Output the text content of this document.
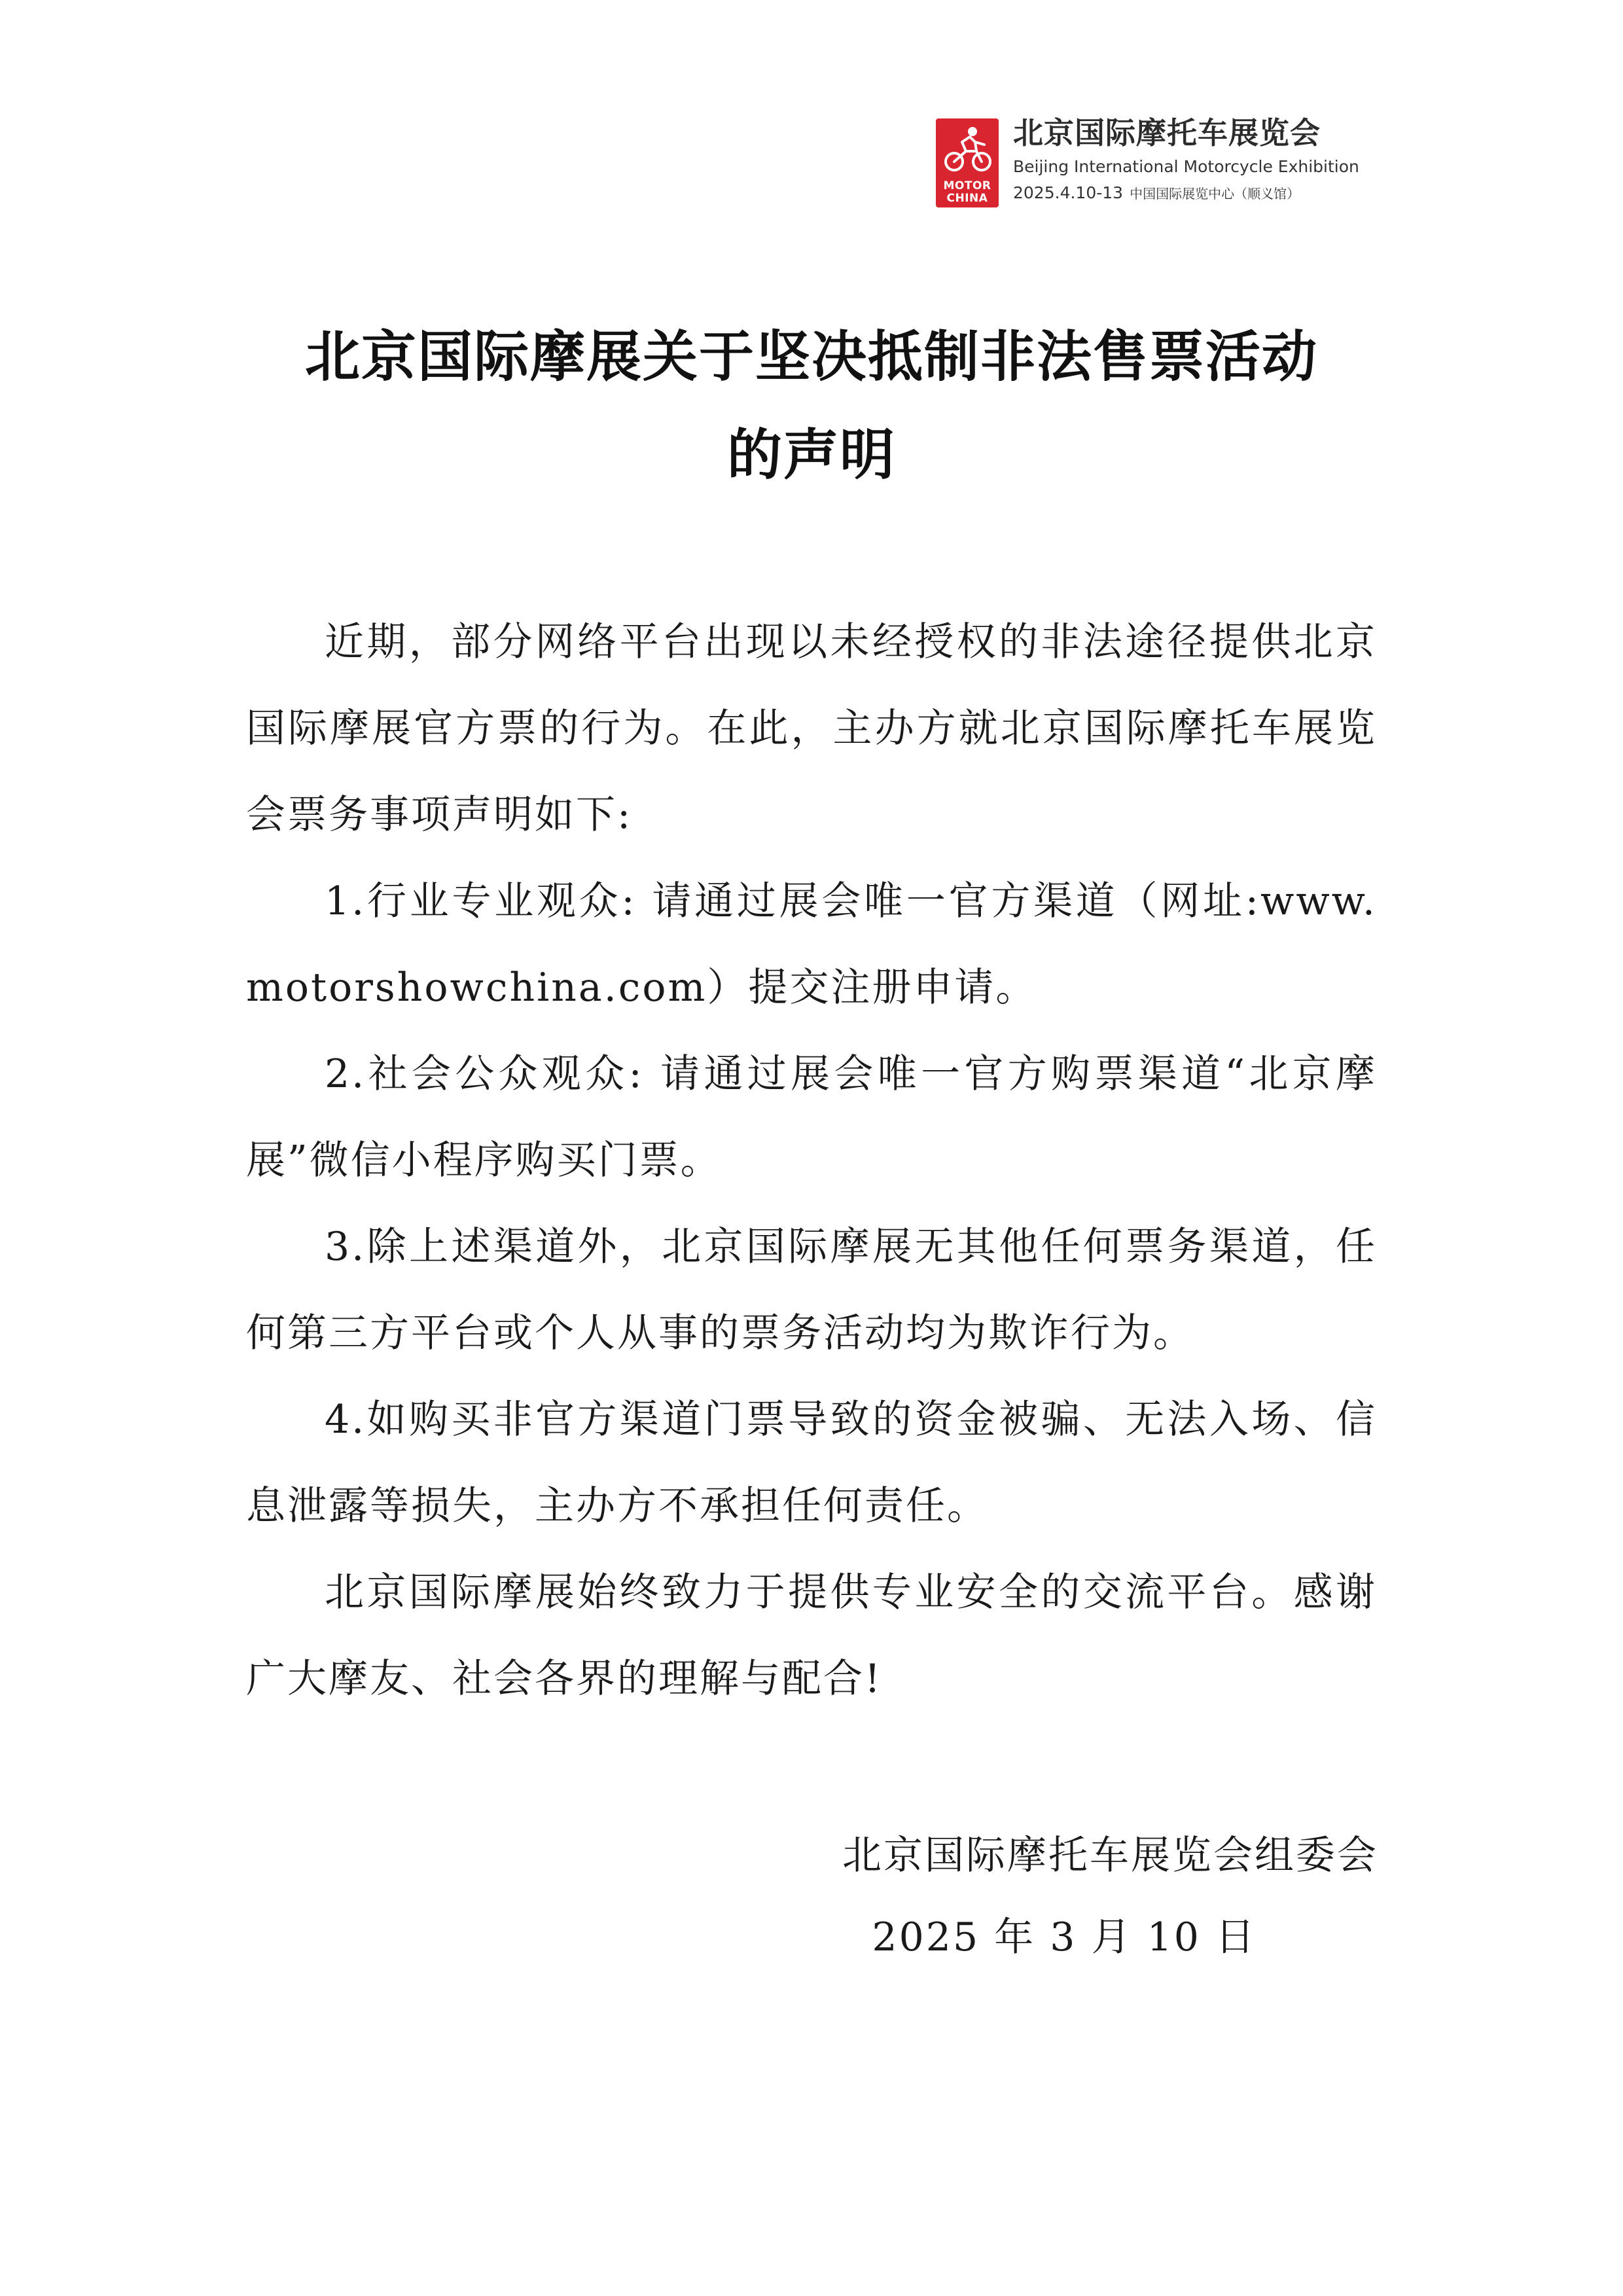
MOTOR
CHINA
北京国际摩托车展览会
Beijing International Motorcycle Exhibition
2025.4.10-13 中国国际展览中心（顺义馆）
北京国际摩展关于坚决抵制非法售票活动
的声明

近期，部分网络平台出现以未经授权的非法途径提供北京国际摩展官方票的行为。在此，主办方就北京国际摩托车展览会票务事项声明如下:

1.行业专业观众: 请通过展会唯一官方渠道（网址:www.motorshowchina.com）提交注册申请。

2.社会公众观众: 请通过展会唯一官方购票渠道“北京摩展”微信小程序购买门票。

3.除上述渠道外，北京国际摩展无其他任何票务渠道，任何第三方平台或个人从事的票务活动均为欺诈行为。

4.如购买非官方渠道门票导致的资金被骗、无法入场、信息泄露等损失，主办方不承担任何责任。

北京国际摩展始终致力于提供专业安全的交流平台。感谢广大摩友、社会各界的理解与配合!

北京国际摩托车展览会组委会
2025 年 3 月 10 日
